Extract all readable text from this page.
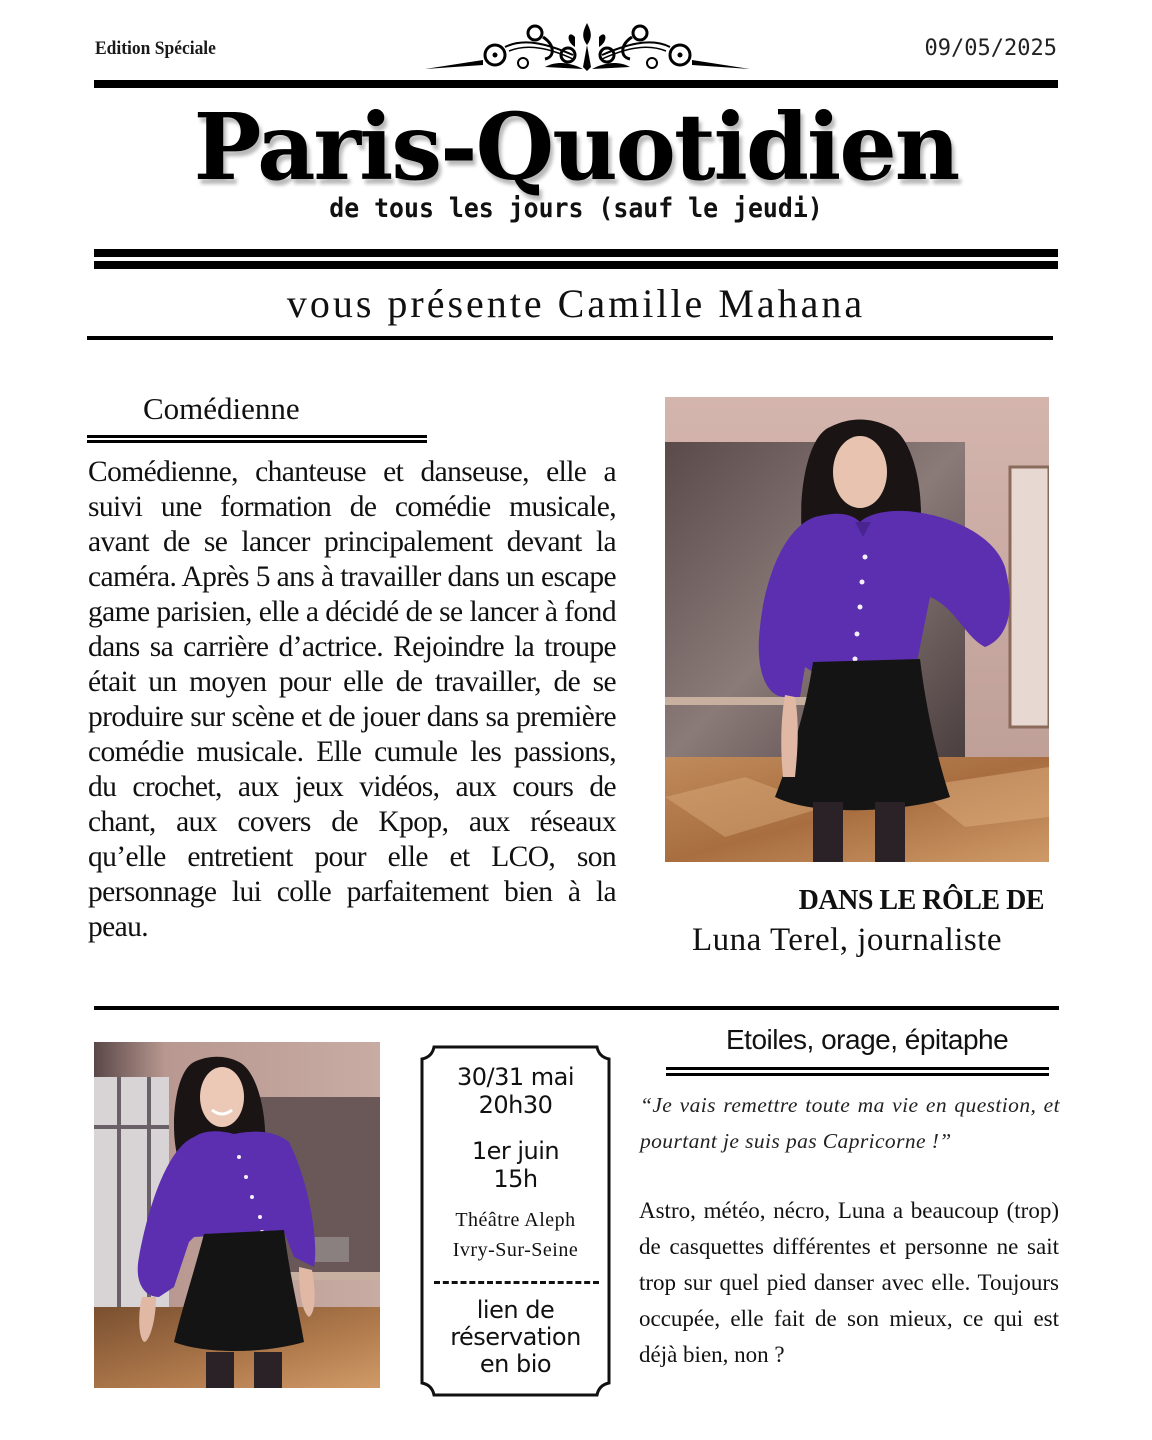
Edition Spéciale	09/05/2025
Paris-Quotidien
de tous les jours (sauf le jeudi)
vous présente Camille Mahana
Comédienne
Comédienne, chanteuse et danseuse, elle a suivi une formation de comédie musicale, avant de se lancer principalement devant la caméra. Après 5 ans à travailler dans un escape game parisien, elle a décidé de se lancer à fond dans sa carrière d’actrice. Rejoindre la troupe était un moyen pour elle de travailler, de se produire sur scène et de jouer dans sa première comédie musicale. Elle cumule les passions, du crochet, aux jeux vidéos, aux cours de chant, aux covers de Kpop, aux réseaux qu’elle entretient pour elle et LCO, son personnage lui colle parfaitement bien à la peau.
DANS LE RÔLE DE
Luna Terel, journaliste
30/31 mai
20h30
1er juin
15h
Théâtre Aleph
Ivry-Sur-Seine
lien de
réservation
en bio
Etoiles, orage, épitaphe
“Je vais remettre toute ma vie en question, et pourtant je suis pas Capricorne !”
Astro, météo, nécro, Luna a beaucoup (trop) de casquettes différentes et personne ne sait trop sur quel pied danser avec elle. Toujours occupée, elle fait de son mieux, ce qui est déjà bien, non ?
